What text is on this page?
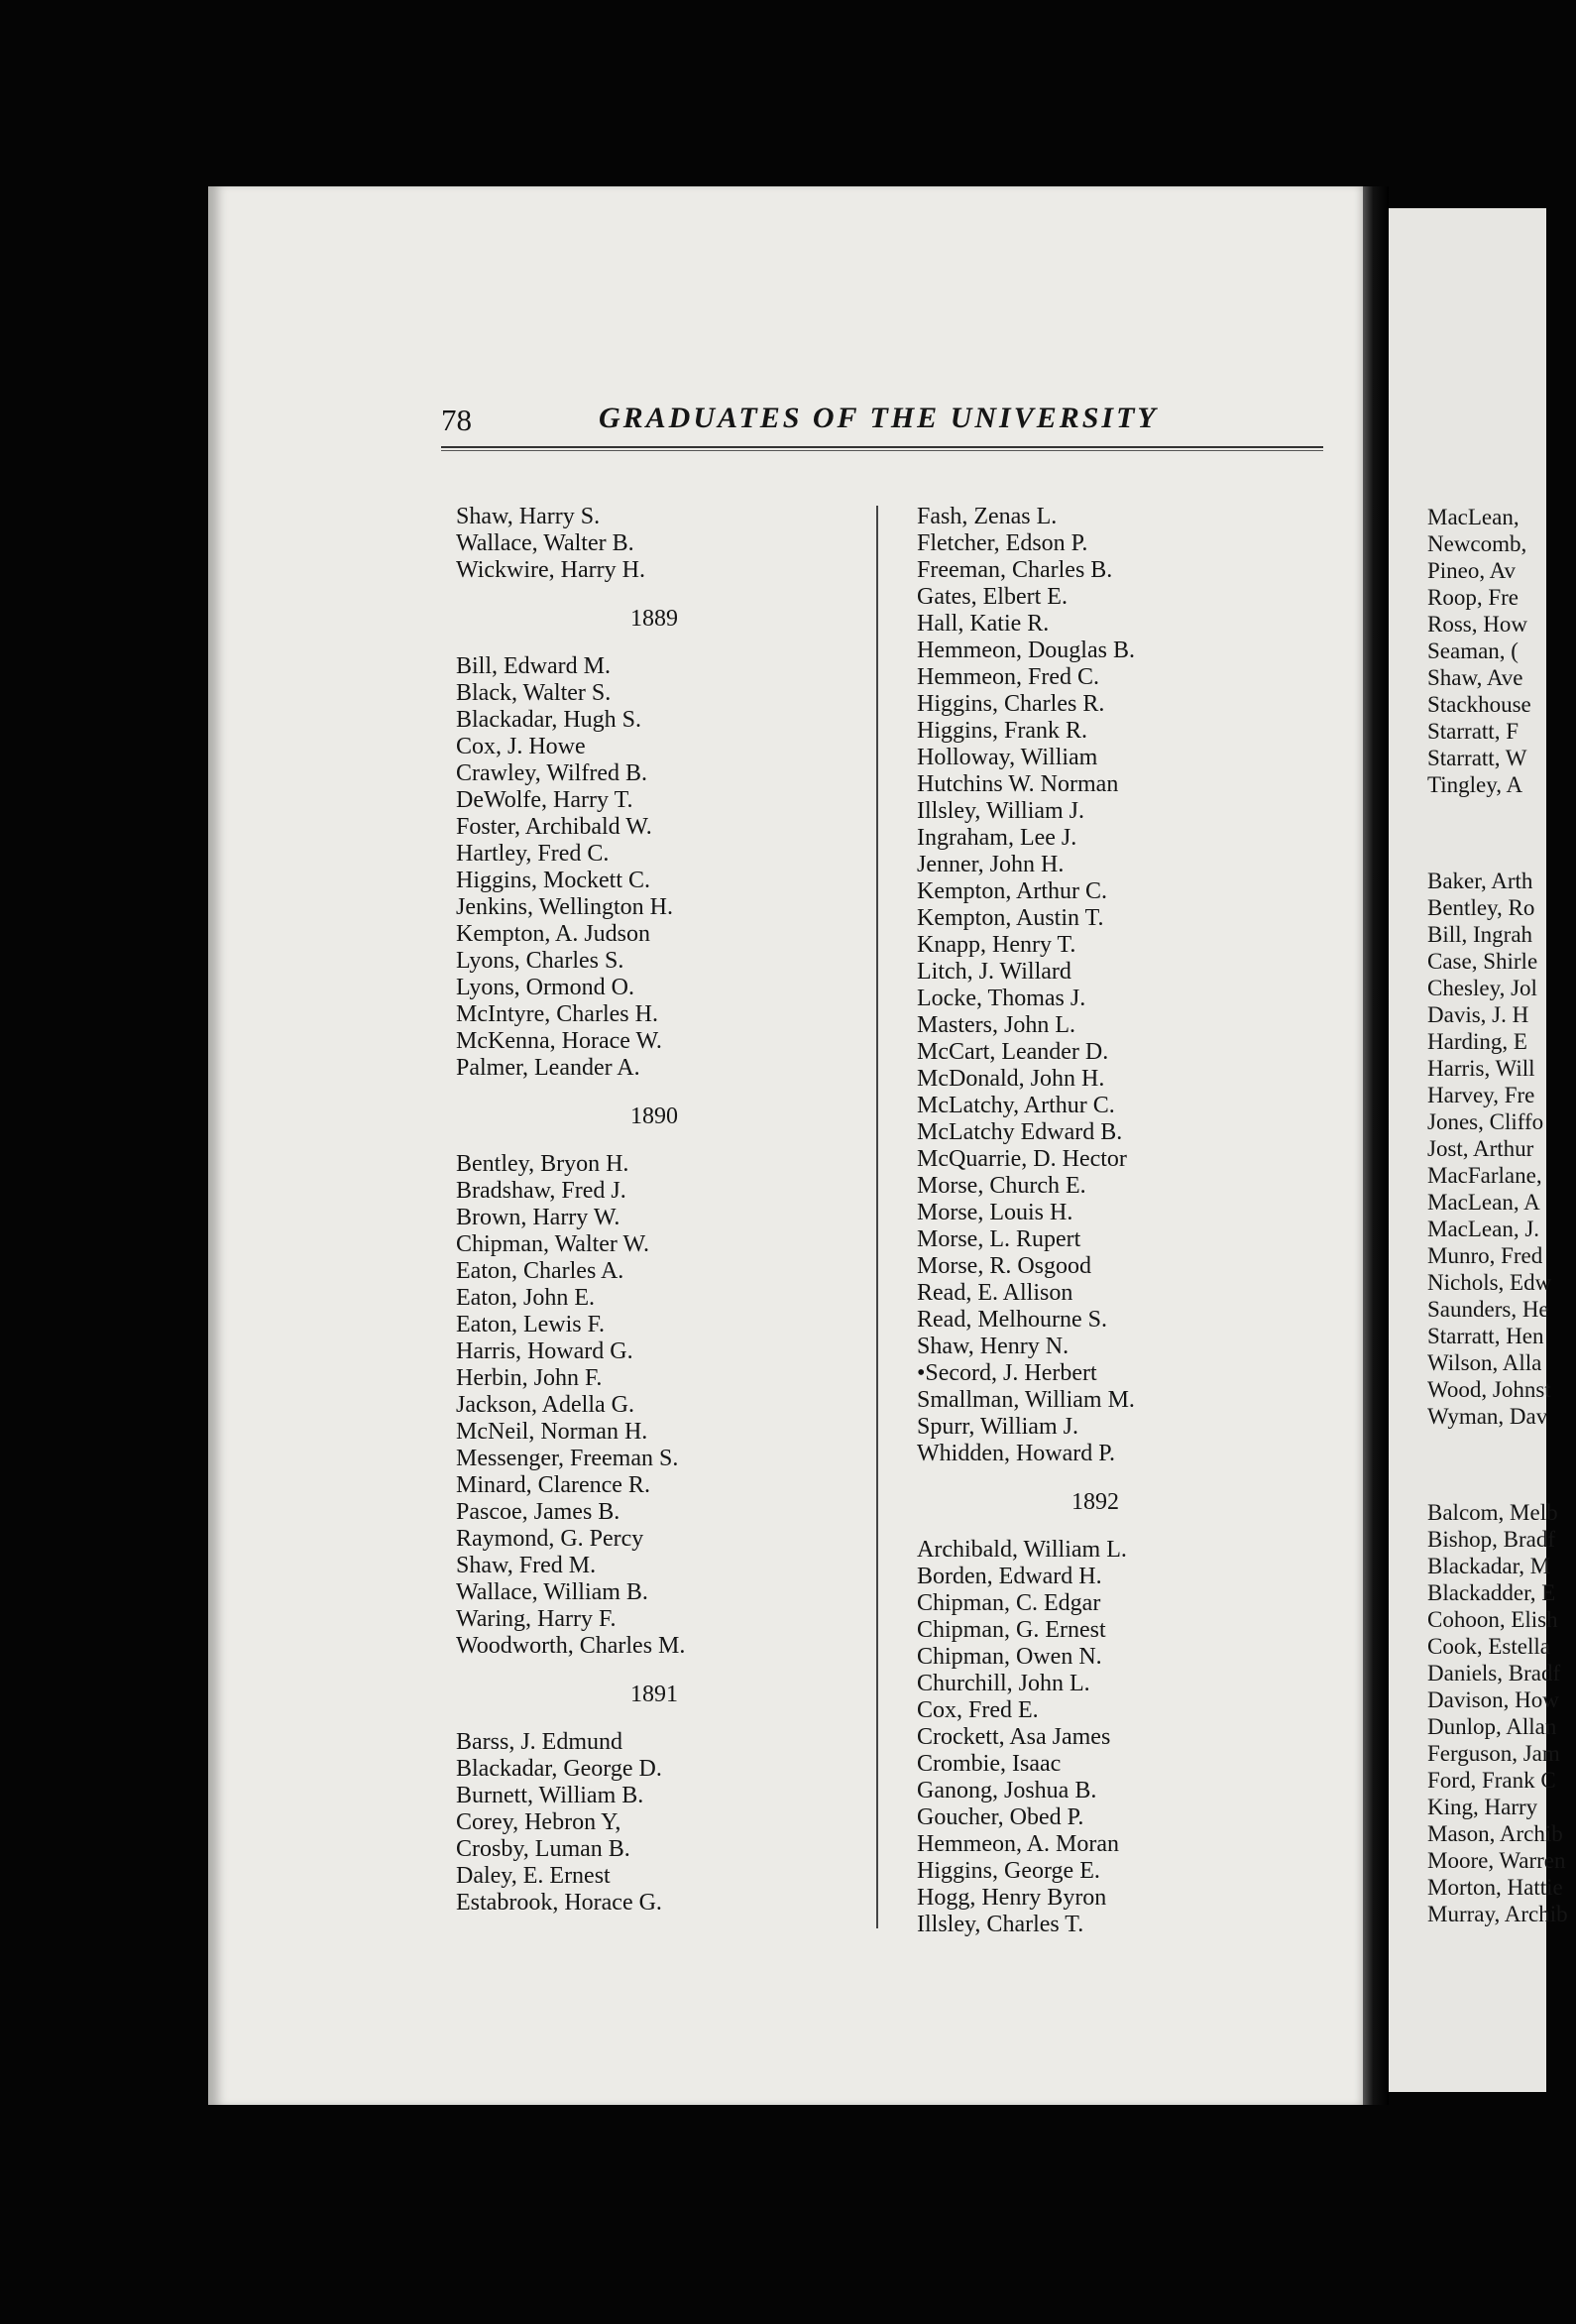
78	GRADUATES OF THE UNIVERSITY
Shaw, Harry S.
Wallace, Walter B.
Wickwire, Harry H.
1889
Bill, Edward M.
Black, Walter S.
Blackadar, Hugh S.
Cox, J. Howe
Crawley, Wilfred B.
DeWolfe, Harry T.
Foster, Archibald W.
Hartley, Fred C.
Higgins, Mockett C.
Jenkins, Wellington H.
Kempton, A. Judson
Lyons, Charles S.
Lyons, Ormond O.
McIntyre, Charles H.
McKenna, Horace W.
Palmer, Leander A.
1890
Bentley, Bryon H.
Bradshaw, Fred J.
Brown, Harry W.
Chipman, Walter W.
Eaton, Charles A.
Eaton, John E.
Eaton, Lewis F.
Harris, Howard G.
Herbin, John F.
Jackson, Adella G.
McNeil, Norman H.
Messenger, Freeman S.
Minard, Clarence R.
Pascoe, James B.
Raymond, G. Percy
Shaw, Fred M.
Wallace, William B.
Waring, Harry F.
Woodworth, Charles M.
1891
Barss, J. Edmund
Blackadar, George D.
Burnett, William B.
Corey, Hebron Y,
Crosby, Luman B.
Daley, E. Ernest
Estabrook, Horace G.
Fash, Zenas L.
Fletcher, Edson P.
Freeman, Charles B.
Gates, Elbert E.
Hall, Katie R.
Hemmeon, Douglas B.
Hemmeon, Fred C.
Higgins, Charles R.
Higgins, Frank R.
Holloway, William
Hutchins W. Norman
Illsley, William J.
Ingraham, Lee J.
Jenner, John H.
Kempton, Arthur C.
Kempton, Austin T.
Knapp, Henry T.
Litch, J. Willard
Locke, Thomas J.
Masters, John L.
McCart, Leander D.
McDonald, John H.
McLatchy, Arthur C.
McLatchy Edward B.
McQuarrie, D. Hector
Morse, Church E.
Morse, Louis H.
Morse, L. Rupert
Morse, R. Osgood
Read, E. Allison
Read, Melhourne S.
Shaw, Henry N.
•Secord, J. Herbert
Smallman, William M.
Spurr, William J.
Whidden, Howard P.
1892
Archibald, William L.
Borden, Edward H.
Chipman, C. Edgar
Chipman, G. Ernest
Chipman, Owen N.
Churchill, John L.
Cox, Fred E.
Crockett, Asa James
Crombie, Isaac
Ganong, Joshua B.
Goucher, Obed P.
Hemmeon, A. Moran
Higgins, George E.
Hogg, Henry Byron
Illsley, Charles T.
MacLean,
Newcomb,
Pineo, Av
Roop, Fre
Ross, How
Seaman, (
Shaw, Ave
Stackhouse
Starratt, F
Starratt, W
Tingley, A
Baker, Arth
Bentley, Ro
Bill, Ingrah
Case, Shirle
Chesley, Jol
Davis, J. H
Harding, E
Harris, Will
Harvey, Fre
Jones, Cliffo
Jost, Arthur
MacFarlane,
MacLean, A
MacLean, J.
Munro, Fred
Nichols, Edw
Saunders, He
Starratt, Hen
Wilson, Alla
Wood, Johnst
Wyman, Dav
Balcom, Melb
Bishop, Bradf
Blackadar, M
Blackadder, E
Cohoon, Elish
Cook, Estella
Daniels, Bradf
Davison, How
Dunlop, Allan
Ferguson, Jam
Ford, Frank C
King, Harry
Mason, Archib
Moore, Warren
Morton, Hattie
Murray, Archib
